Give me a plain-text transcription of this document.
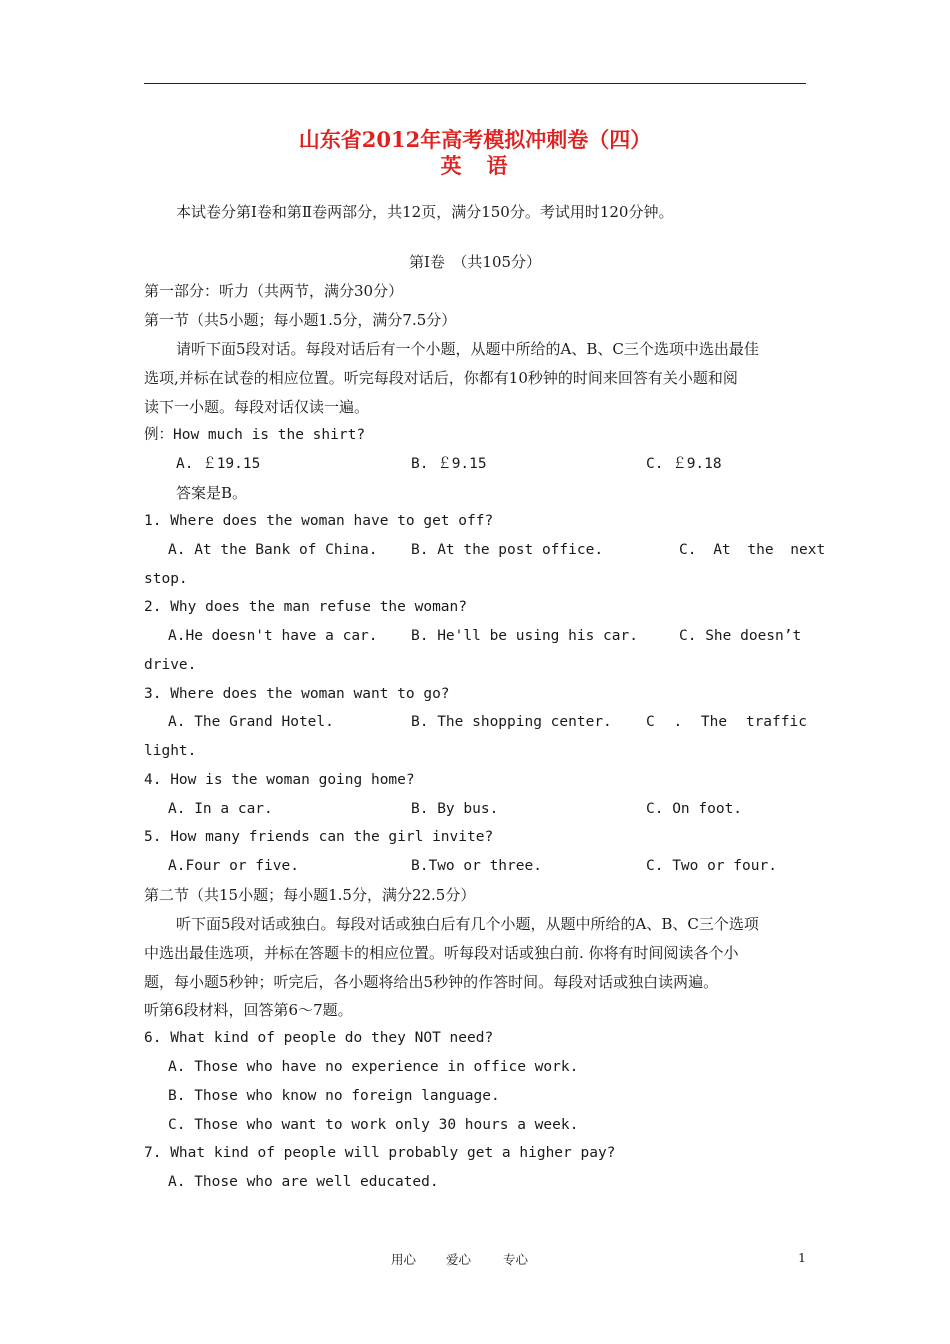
山东省2012年高考模拟冲刺卷（四）
英　语
本试卷分第Ⅰ卷和第Ⅱ卷两部分，共12页，满分150分。考试用时120分钟。
第Ⅰ卷　（共105分）
第一部分：听力（共两节，满分30分）
第一节（共5小题；每小题1.5分，满分7.5分）
请听下面5段对话。每段对话后有一个小题，从题中所给的A、B、C三个选项中选出最佳
选项,并标在试卷的相应位置。听完每段对话后，你都有10秒钟的时间来回答有关小题和阅
读下一小题。每段对话仅读一遍。
例：How much is the shirt?
A. ￡19.15	B. ￡9.15	C. ￡9.18
答案是B。
1. Where does the woman have to get off?
A. At the Bank of China. B. At the post office.	C. At the next
stop.
2. Why does the man refuse the woman?
A.He doesn't have a car. B. He'll be using his car.	C. She doesn’t
drive.
3. Where does the woman want to go?
A. The Grand Hotel.	B. The shopping center. C . The traffic
light.
4. How is the woman going home?
A. In a car.	B. By bus.	C. On foot.
5. How many friends can the girl invite?
A.Four or five.	B.Two or three.	C. Two or four.
第二节（共15小题；每小题1.5分，满分22.5分）
听下面5段对话或独白。每段对话或独白后有几个小题，从题中所给的A、B、C三个选项
中选出最佳选项，并标在答题卡的相应位置。听每段对话或独白前. 你将有时间阅读各个小
题，每小题5秒钟；听完后，各小题将给出5秒钟的作答时间。每段对话或独白读两遍。
听第6段材料，回答第6～7题。
6. What kind of people do they NOT need?
A. Those who have no experience in office work.
B. Those who know no foreign language.
C. Those who want to work only 30 hours a week.
7. What kind of people will probably get a higher pay?
A. Those who are well educated.
用心 爱心	专心	1
